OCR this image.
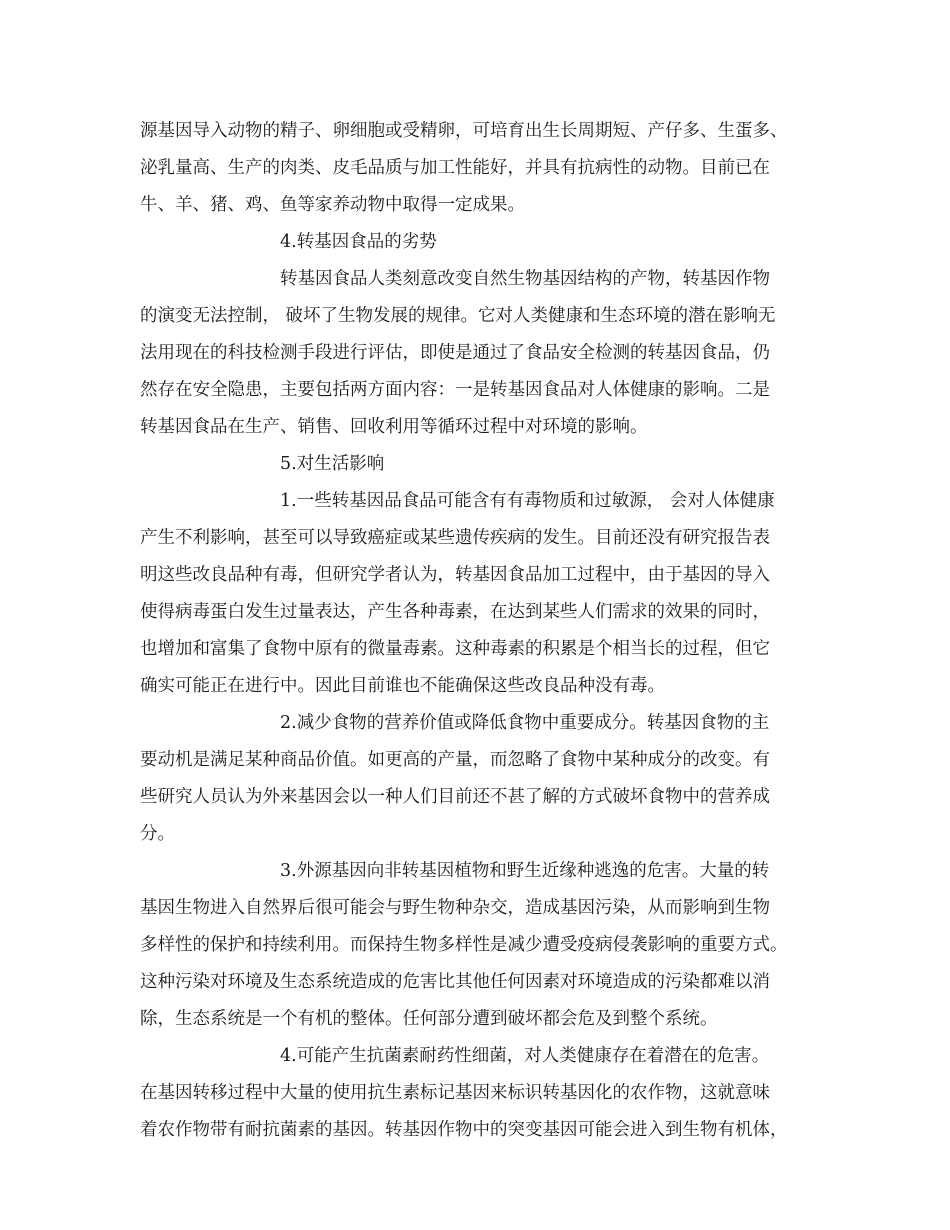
源基因导入动物的精子、卵细胞或受精卵，可培育出生长周期短、产仔多、生蛋多、
泌乳量高、生产的肉类、皮毛品质与加工性能好，并具有抗病性的动物。目前已在
牛、羊、猪、鸡、鱼等家养动物中取得一定成果。
4.转基因食品的劣势
转基因食品人类刻意改变自然生物基因结构的产物，转基因作物
的演变无法控制， 破坏了生物发展的规律。它对人类健康和生态环境的潜在影响无
法用现在的科技检测手段进行评估，即使是通过了食品安全检测的转基因食品，仍
然存在安全隐患，主要包括两方面内容：一是转基因食品对人体健康的影响。二是
转基因食品在生产、销售、回收利用等循环过程中对环境的影响。
5.对生活影响
1.一些转基因品食品可能含有有毒物质和过敏源， 会对人体健康
产生不利影响，甚至可以导致癌症或某些遗传疾病的发生。目前还没有研究报告表
明这些改良品种有毒，但研究学者认为，转基因食品加工过程中，由于基因的导入
使得病毒蛋白发生过量表达，产生各种毒素，在达到某些人们需求的效果的同时，
也增加和富集了食物中原有的微量毒素。这种毒素的积累是个相当长的过程，但它
确实可能正在进行中。因此目前谁也不能确保这些改良品种没有毒。
2.减少食物的营养价值或降低食物中重要成分。转基因食物的主
要动机是满足某种商品价值。如更高的产量，而忽略了食物中某种成分的改变。有
些研究人员认为外来基因会以一种人们目前还不甚了解的方式破坏食物中的营养成
分。
3.外源基因向非转基因植物和野生近缘种逃逸的危害。大量的转
基因生物进入自然界后很可能会与野生物种杂交，造成基因污染，从而影响到生物
多样性的保护和持续利用。而保持生物多样性是减少遭受疫病侵袭影响的重要方式。
这种污染对环境及生态系统造成的危害比其他任何因素对环境造成的污染都难以消
除，生态系统是一个有机的整体。任何部分遭到破坏都会危及到整个系统。
4.可能产生抗菌素耐药性细菌，对人类健康存在着潜在的危害。
在基因转移过程中大量的使用抗生素标记基因来标识转基因化的农作物，这就意味
着农作物带有耐抗菌素的基因。转基因作物中的突变基因可能会进入到生物有机体，
